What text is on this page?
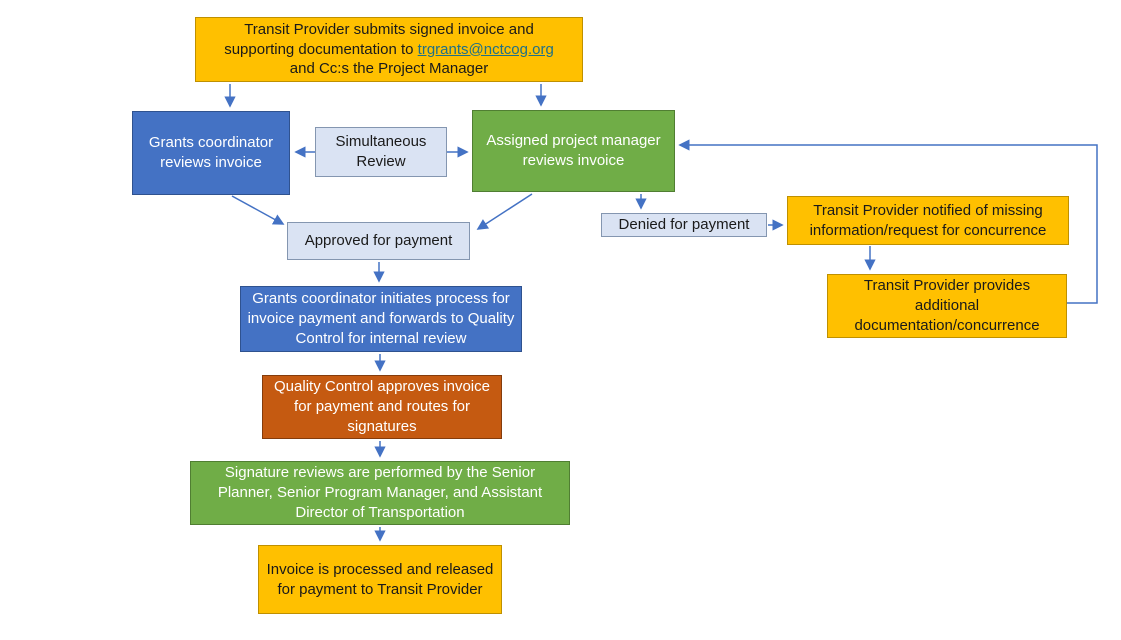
Transit Provider submits signed invoice and
supporting documentation to trgrants@nctcog.org
and Cc:s the Project Manager
Grants coordinator reviews invoice
Simultaneous Review
Assigned project manager reviews invoice
Approved for payment
Denied for payment
Transit Provider notified of missing information/request for concurrence
Transit Provider provides additional documentation/concurrence
Grants coordinator initiates process for invoice payment and forwards to Quality Control for internal review
Quality Control approves invoice for payment and routes for signatures
Signature reviews are performed by the Senior Planner, Senior Program Manager, and Assistant Director of Transportation
Invoice is processed and released for payment to Transit Provider
